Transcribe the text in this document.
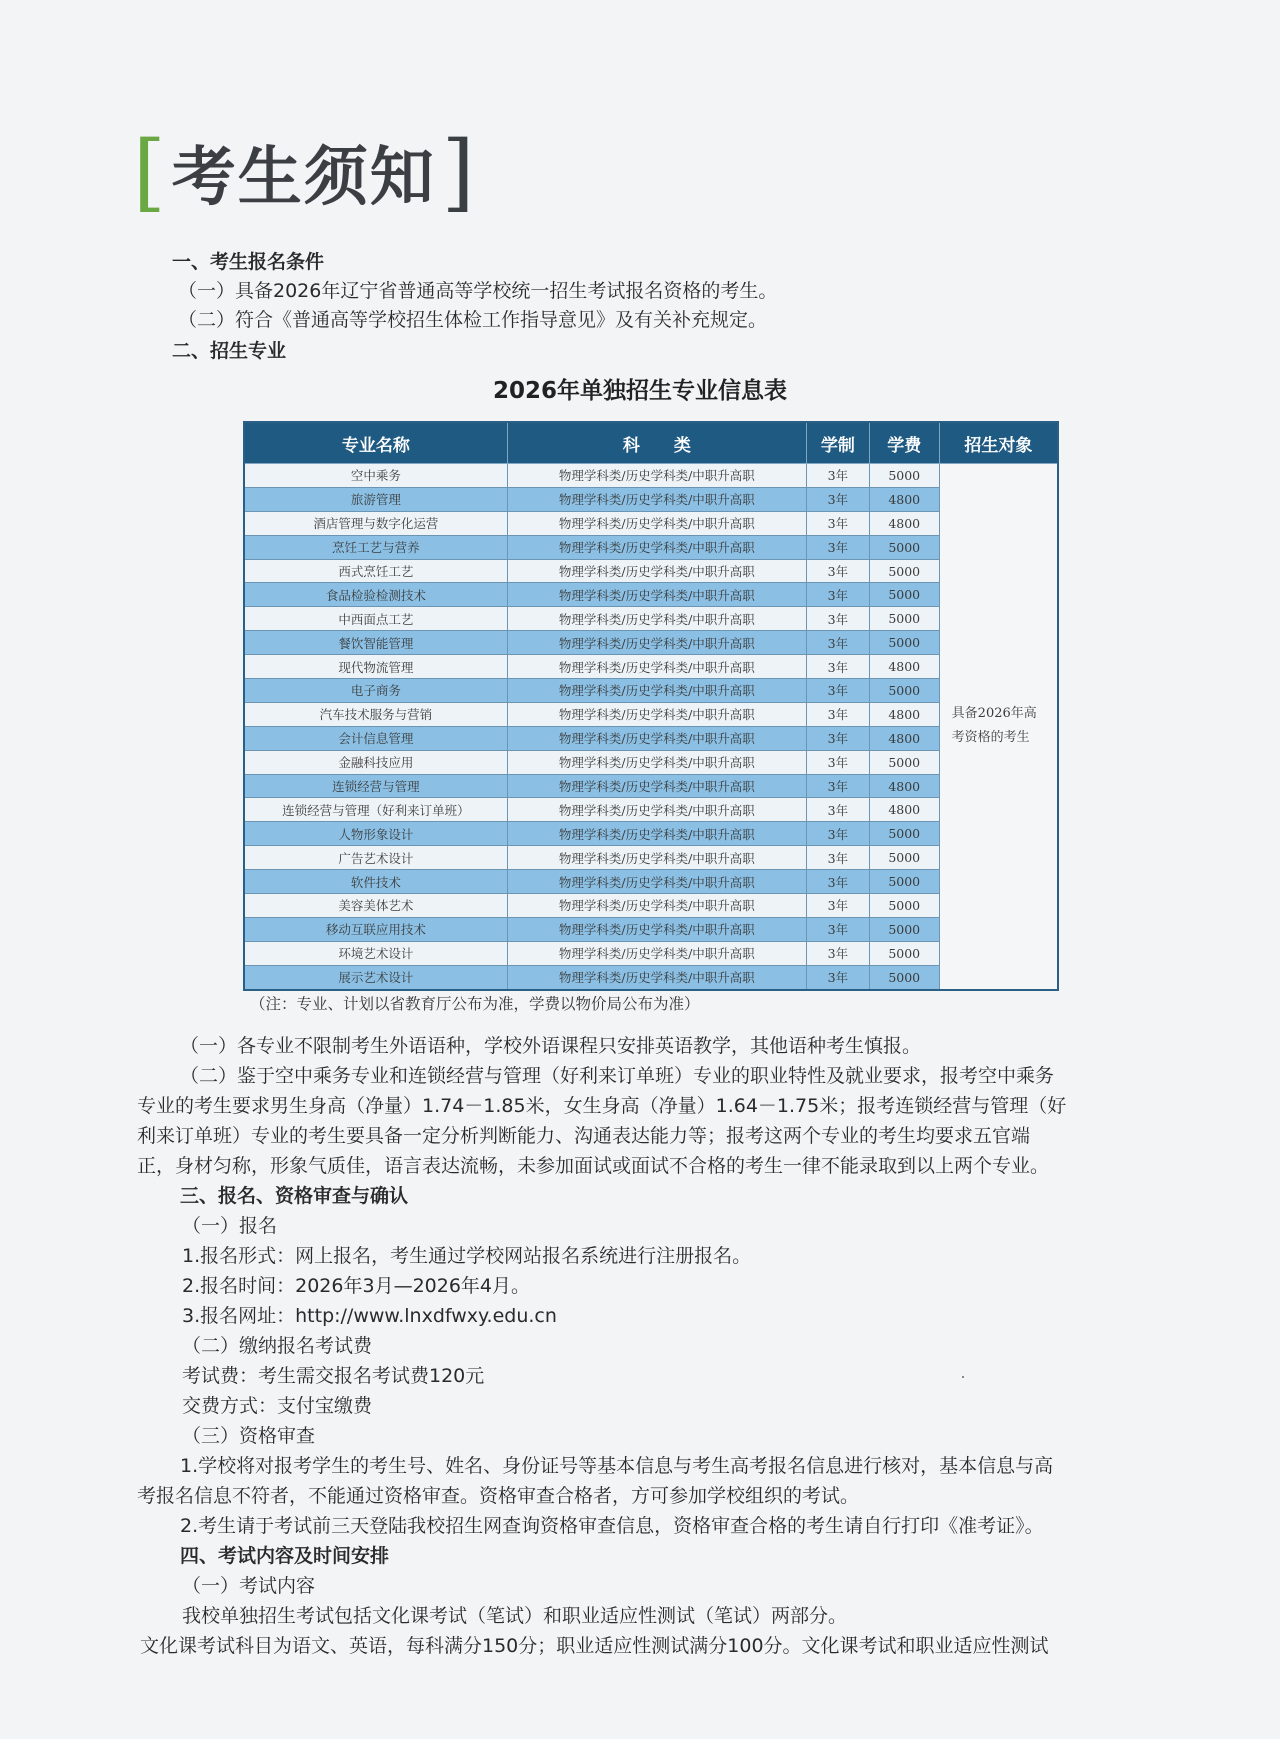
[ 考生须知 ]
一、考生报名条件
（一）具备2026年辽宁省普通高等学校统一招生考试报名资格的考生。
（二）符合《普通高等学校招生体检工作指导意见》及有关补充规定。
二、招生专业
2026年单独招生专业信息表
专业名称	科　　类	学制	学费	招生对象
空中乘务	物理学科类/历史学科类/中职升高职	3年	5000	具备2026年高
考资格的考生
旅游管理	物理学科类/历史学科类/中职升高职	3年	4800	
酒店管理与数字化运营	物理学科类/历史学科类/中职升高职	3年	4800	
烹饪工艺与营养	物理学科类/历史学科类/中职升高职	3年	5000	
西式烹饪工艺	物理学科类/历史学科类/中职升高职	3年	5000	
食品检验检测技术	物理学科类/历史学科类/中职升高职	3年	5000	
中西面点工艺	物理学科类/历史学科类/中职升高职	3年	5000	
餐饮智能管理	物理学科类/历史学科类/中职升高职	3年	5000	
现代物流管理	物理学科类/历史学科类/中职升高职	3年	4800	
电子商务	物理学科类/历史学科类/中职升高职	3年	5000	
汽车技术服务与营销	物理学科类/历史学科类/中职升高职	3年	4800	
会计信息管理	物理学科类/历史学科类/中职升高职	3年	4800	
金融科技应用	物理学科类/历史学科类/中职升高职	3年	5000	
连锁经营与管理	物理学科类/历史学科类/中职升高职	3年	4800	
连锁经营与管理（好利来订单班）	物理学科类/历史学科类/中职升高职	3年	4800	
人物形象设计	物理学科类/历史学科类/中职升高职	3年	5000	
广告艺术设计	物理学科类/历史学科类/中职升高职	3年	5000	
软件技术	物理学科类/历史学科类/中职升高职	3年	5000	
美容美体艺术	物理学科类/历史学科类/中职升高职	3年	5000	
移动互联应用技术	物理学科类/历史学科类/中职升高职	3年	5000	
环境艺术设计	物理学科类/历史学科类/中职升高职	3年	5000	
展示艺术设计	物理学科类/历史学科类/中职升高职	3年	5000	
（注：专业、计划以省教育厅公布为准，学费以物价局公布为准）
（一）各专业不限制考生外语语种，学校外语课程只安排英语教学，其他语种考生慎报。
（二）鉴于空中乘务专业和连锁经营与管理（好利来订单班）专业的职业特性及就业要求，报考空中乘务
专业的考生要求男生身高（净量）1.74－1.85米，女生身高（净量）1.64－1.75米；报考连锁经营与管理（好
利来订单班）专业的考生要具备一定分析判断能力、沟通表达能力等；报考这两个专业的考生均要求五官端
正，身材匀称，形象气质佳，语言表达流畅，未参加面试或面试不合格的考生一律不能录取到以上两个专业。
三、报名、资格审查与确认
（一）报名
1.报名形式：网上报名，考生通过学校网站报名系统进行注册报名。
2.报名时间：2026年3月—2026年4月。
3.报名网址：http://www.lnxdfwxy.edu.cn
（二）缴纳报名考试费
考试费：考生需交报名考试费120元
交费方式：支付宝缴费
（三）资格审查
1.学校将对报考学生的考生号、姓名、身份证号等基本信息与考生高考报名信息进行核对，基本信息与高
考报名信息不符者，不能通过资格审查。资格审查合格者，方可参加学校组织的考试。
2.考生请于考试前三天登陆我校招生网查询资格审查信息，资格审查合格的考生请自行打印《准考证》。
四、考试内容及时间安排
（一）考试内容
我校单独招生考试包括文化课考试（笔试）和职业适应性测试（笔试）两部分。
文化课考试科目为语文、英语，每科满分150分；职业适应性测试满分100分。文化课考试和职业适应性测试
